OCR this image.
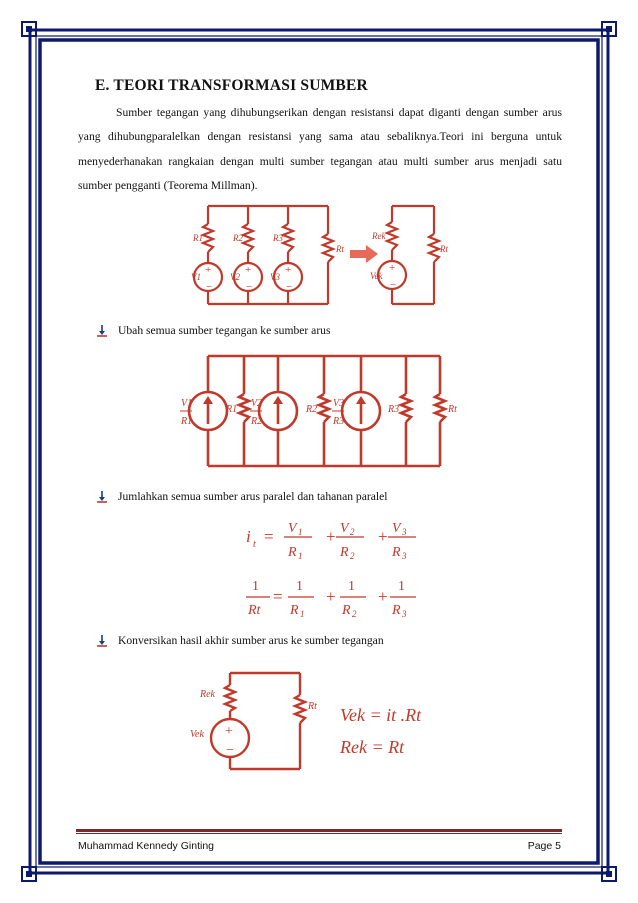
E. TEORI TRANSFORMASI SUMBER
Sumber tegangan yang dihubungserikan dengan resistansi dapat diganti dengan sumber arus yang dihubungparalelkan dengan resistansi yang sama atau sebaliknya.Teori ini berguna untuk menyederhanakan rangkaian dengan multi sumber tegangan atau multi sumber arus menjadi satu sumber pengganti (Teorema Millman).
+
−
+
−
+
−
+
−
R1	R2	R3
Rt
V1	V2	V3
Rek
Rt
Vek
Ubah semua sumber tegangan ke sumber arus
V1
R1
V2
R2
V3
R3
R1	R2	R3	Rt
Jumlahkan semua sumber arus paralel dan tahanan paralel
i t =	+ +
V 1
R 1
V 2
R 2
V 3
R 3
1	1	1	1
=	+ +
Rt R 1	R 2	R 3
Konversikan hasil akhir sumber arus ke sumber tegangan
+
−
Rek
Rt
Vek
Vek = it .Rt
Rek = Rt
Muhammad Kennedy Ginting	Page 5
